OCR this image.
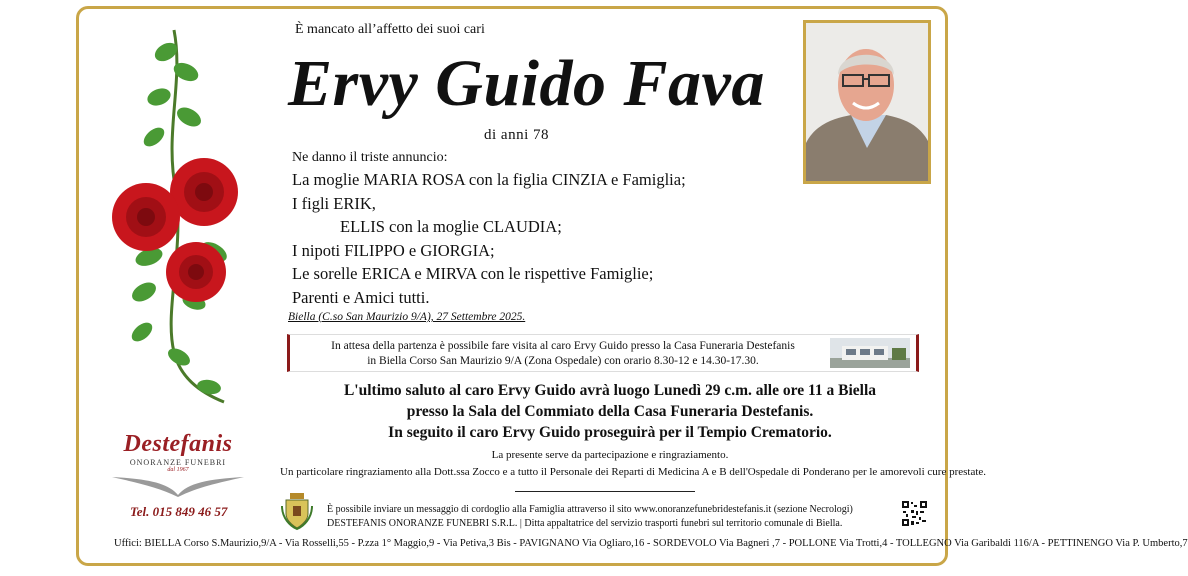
È mancato all’affetto dei suoi cari
Ervy Guido Fava
di anni 78
Ne danno il triste annuncio:
La moglie MARIA ROSA con la figlia CINZIA e Famiglia;
I figli ERIK,
ELLIS con la moglie CLAUDIA;
I nipoti FILIPPO e GIORGIA;
Le sorelle ERICA e MIRVA con le rispettive Famiglie;
Parenti e Amici tutti.
Biella (C.so San Maurizio 9/A), 27 Settembre 2025.
In attesa della partenza è possibile fare visita al caro Ervy Guido presso la Casa Funeraria Destefanis
in Biella Corso San Maurizio 9/A (Zona Ospedale) con orario 8.30-12 e 14.30-17.30.
L'ultimo saluto al caro Ervy Guido avrà luogo Lunedì 29 c.m. alle ore 11 a Biella
presso la Sala del Commiato della Casa Funeraria Destefanis.
In seguito il caro Ervy Guido proseguirà per il Tempio Crematorio.
La presente serve da partecipazione e ringraziamento.
Un particolare ringraziamento alla Dott.ssa Zocco e a tutto il Personale dei Reparti di Medicina A e B dell'Ospedale di Ponderano per le amorevoli cure prestate.
È possibile inviare un messaggio di cordoglio alla Famiglia attraverso il sito www.onoranzefunebridestefanis.it (sezione Necrologi)
DESTEFANIS ONORANZE FUNEBRI S.R.L. | Ditta appaltatrice del servizio trasporti funebri sul territorio comunale di Biella.
Destefanis
ONORANZE FUNEBRI
dal 1967
Tel. 015 849 46 57
Uffici: BIELLA Corso S.Maurizio,9/A - Via Rosselli,55 - P.zza 1° Maggio,9 - Via Petiva,3 Bis - PAVIGNANO Via Ogliaro,16 - SORDEVOLO Via Bagneri ,7 - POLLONE Via Trotti,4 - TOLLEGNO Via Garibaldi 116/A - PETTINENGO Via P. Umberto,7
